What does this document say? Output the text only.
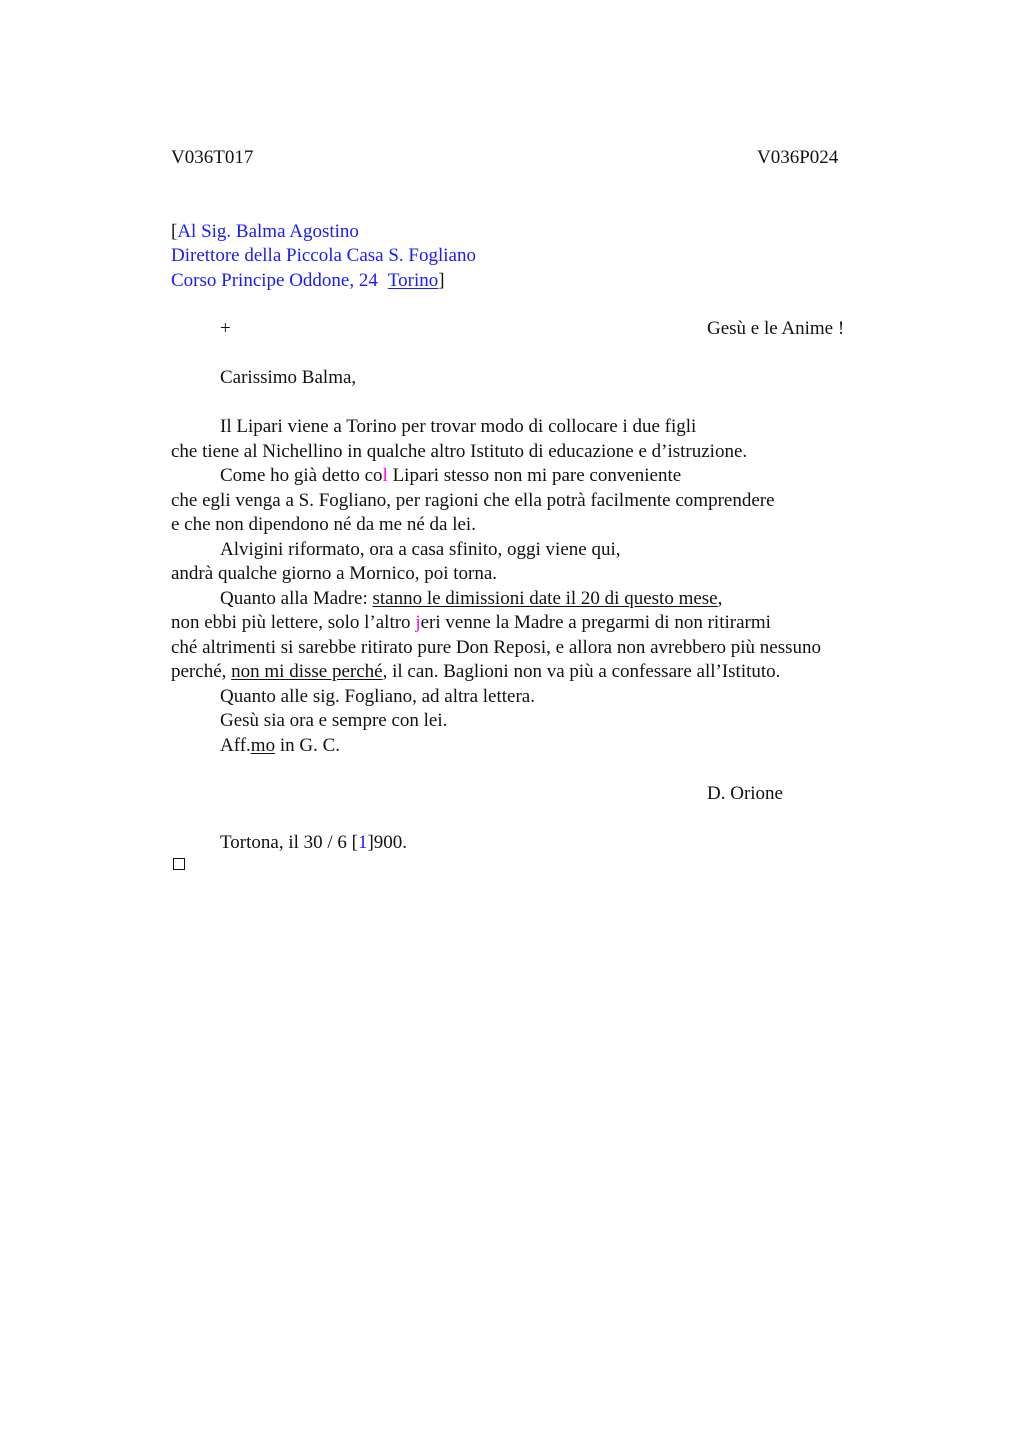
V036T017	V036P024
[Al Sig. Balma Agostino
Direttore della Piccola Casa S. Fogliano
Corso Principe Oddone, 24 Torino]
+	Gesù e le Anime !
Carissimo Balma,
Il Lipari viene a Torino per trovar modo di collocare i due figli
che tiene al Nichellino in qualche altro Istituto di educazione e d’istruzione.
Come ho già detto col Lipari stesso non mi pare conveniente
che egli venga a S. Fogliano, per ragioni che ella potrà facilmente comprendere
e che non dipendono né da me né da lei.
Alvigini riformato, ora a casa sfinito, oggi viene qui,
andrà qualche giorno a Mornico, poi torna.
Quanto alla Madre: stanno le dimissioni date il 20 di questo mese,
non ebbi più lettere, solo l’altro jeri venne la Madre a pregarmi di non ritirarmi
ché altrimenti si sarebbe ritirato pure Don Reposi, e allora non avrebbero più nessuno
perché, non mi disse perché, il can. Baglioni non va più a confessare all’Istituto.
Quanto alle sig. Fogliano, ad altra lettera.
Gesù sia ora e sempre con lei.
Aff.mo in G. C.
D. Orione
Tortona, il 30 / 6 [1]900.
